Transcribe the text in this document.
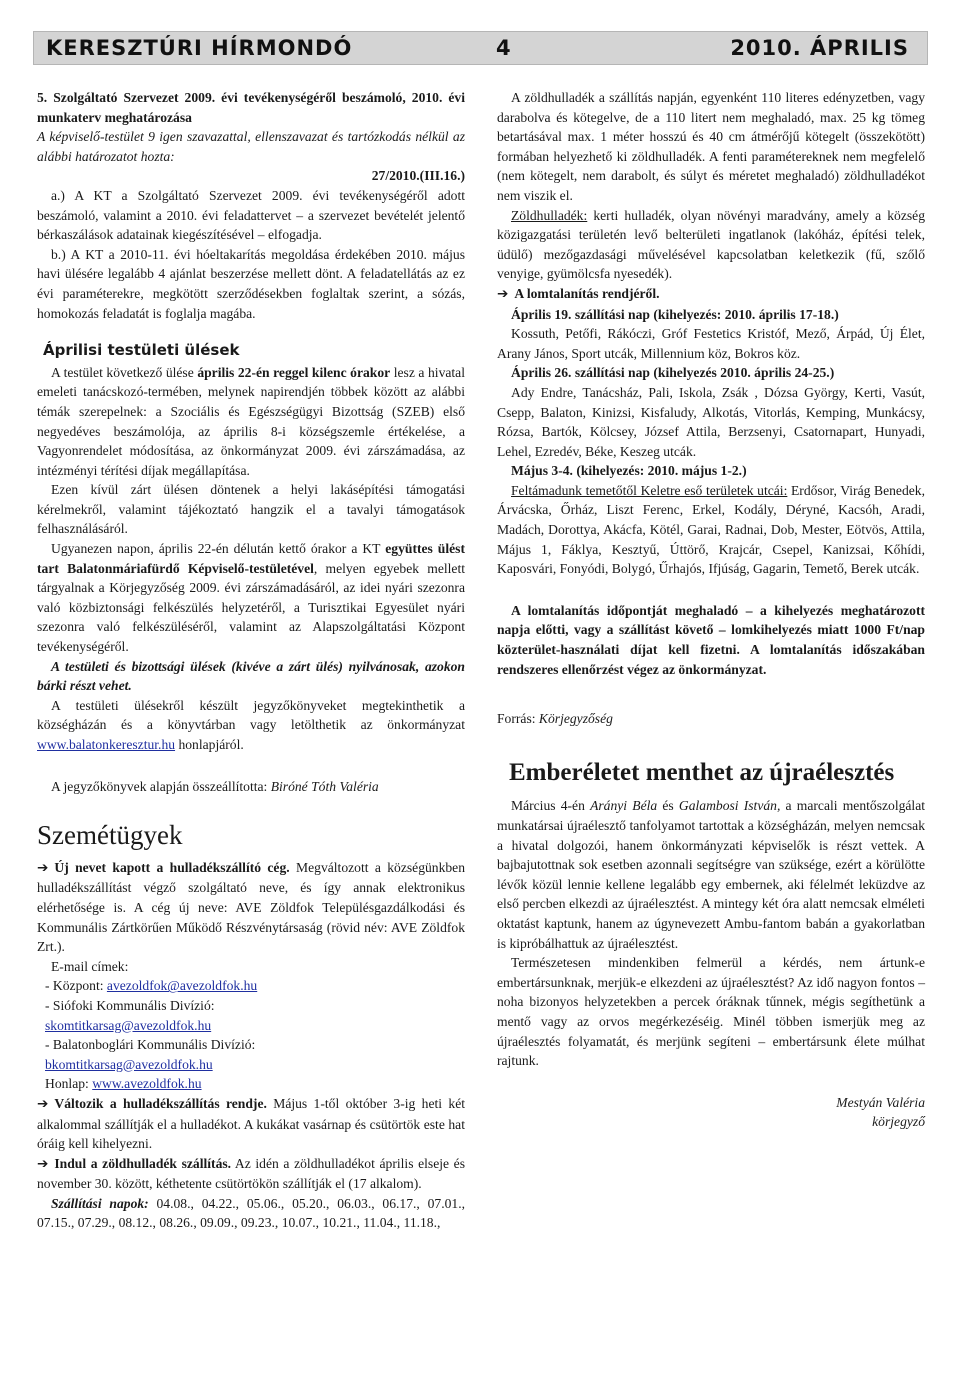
KERESZTÚRI HÍRMONDÓ	4	2010. ÁPRILIS

5. Szolgáltató Szervezet 2009. évi tevékenységéről beszámoló, 2010. évi munkaterv meghatározása

A képviselő-testület 9 igen szavazattal, ellenszavazat és tartózkodás nélkül az alábbi határozatot hozta:

27/2010.(III.16.)

a.) A KT a Szolgáltató Szervezet 2009. évi tevékenységéről adott beszámoló, valamint a 2010. évi feladattervet – a szervezet bevételét jelentő bérkaszálások adatainak kiegészítésével – elfogadja.

b.) A KT a 2010-11. évi hóeltakarítás megoldása érdekében 2010. május havi ülésére legalább 4 ajánlat beszerzése mellett dönt. A feladatellátás az ez évi paraméterekre, megkötött szerződésekben foglaltak szerint, a sózás, homokozás feladatát is foglalja magába.

Áprilisi testületi ülések

A testület következő ülése április 22-én reggel kilenc órakor lesz a hivatal emeleti tanácskozó-termében, melynek napirendjén többek között az alábbi témák szerepelnek: a Szociális és Egészségügyi Bizottság (SZEB) első negyedéves beszámolója, az április 8-i községszemle értékelése, a Vagyonrendelet módosítása, az önkormányzat 2009. évi zárszámadása, az intézményi térítési díjak megállapítása.

Ezen kívül zárt ülésen döntenek a helyi lakásépítési támogatási kérelmekről, valamint tájékoztató hangzik el a tavalyi támogatások felhasználásáról.

Ugyanezen napon, április 22-én délután kettő órakor a KT együttes ülést tart Balatonmáriafürdő Képviselő-testületével, melyen egyebek mellett tárgyalnak a Körjegyzőség 2009. évi zárszámadásáról, az idei nyári szezonra való közbiztonsági felkészülés helyzetéről, a Turisztikai Egyesület nyári szezonra való felkészüléséről, valamint az Alapszolgáltatási Központ tevékenységéről.

A testületi és bizottsági ülések (kivéve a zárt ülés) nyilvánosak, azokon bárki részt vehet.

A testületi ülésekről készült jegyzőkönyveket megtekinthetik a községházán és a könyvtárban vagy letölthetik az önkormányzat www.balatonkeresztur.hu honlapjáról.

A jegyzőkönyvek alapján összeállította: Biróné Tóth Valéria

Szemétügyek

➔ Új nevet kapott a hulladékszállító cég. Megváltozott a községünkben hulladékszállítást végző szolgáltató neve, és így annak elektronikus elérhetősége is. A cég új neve: AVE Zöldfok Településgazdálkodási és Kommunális Zártkörűen Működő Részvénytársaság (rövid név: AVE Zöldfok Zrt.).

E-mail címek:

- Központ: avezoldfok@avezoldfok.hu

- Siófoki Kommunális Divízió:

skomtitkarsag@avezoldfok.hu

- Balatonboglári Kommunális Divízió:

bkomtitkarsag@avezoldfok.hu

Honlap: www.avezoldfok.hu

➔ Változik a hulladékszállítás rendje. Május 1-től október 3-ig heti két alkalommal szállítják el a hulladékot. A kukákat vasárnap és csütörtök este hat óráig kell kihelyezni.

➔ Indul a zöldhulladék szállítás. Az idén a zöldhulladékot április elseje és november 30. között, kéthetente csütörtökön szállítják el (17 alkalom).

Szállítási napok: 04.08., 04.22., 05.06., 05.20., 06.03., 06.17., 07.01., 07.15., 07.29., 08.12., 08.26., 09.09., 09.23., 10.07., 10.21., 11.04., 11.18.,

A zöldhulladék a szállítás napján, egyenként 110 literes edényzetben, vagy darabolva és kötegelve, de a 110 litert nem meghaladó, max. 25 kg tömeg betartásával max. 1 méter hosszú és 40 cm átmérőjű kötegelt (összekötött) formában helyezhető ki zöldhulladék. A fenti paramétereknek nem megfelelő (nem kötegelt, nem darabolt, és súlyt és méretet meghaladó) zöldhulladékot nem viszik el.

Zöldhulladék: kerti hulladék, olyan növényi maradvány, amely a község közigazgatási területén levő belterületi ingatlanok (lakóház, építési telek, üdülő) mezőgazdasági művelésével kapcsolatban keletkezik (fű, szőlő venyige, gyümölcsfa nyesedék).

➔ A lomtalanítás rendjéről.

Április 19. szállítási nap (kihelyezés: 2010. április 17-18.)

Kossuth, Petőfi, Rákóczi, Gróf Festetics Kristóf, Mező, Árpád, Új Élet, Arany János, Sport utcák, Millennium köz, Bokros köz.

Április 26. szállítási nap (kihelyezés 2010. április 24-25.)

Ady Endre, Tanácsház, Pali, Iskola, Zsák , Dózsa György, Kerti, Vasút, Csepp, Balaton, Kinizsi, Kisfaludy, Alkotás, Vitorlás, Kemping, Munkácsy, Rózsa, Bartók, Kölcsey, József Attila, Berzsenyi, Csatornapart, Hunyadi, Lehel, Ezredév, Béke, Keszeg utcák.

Május 3-4. (kihelyezés: 2010. május 1-2.)

Feltámadunk temetőtől Keletre eső területek utcái: Erdősor, Virág Benedek, Árvácska, Őrház, Liszt Ferenc, Erkel, Kodály, Déryné, Kacsóh, Aradi, Madách, Dorottya, Akácfa, Kötél, Garai, Radnai, Dob, Mester, Eötvös, Attila, Május 1, Fáklya, Kesztyű, Úttörő, Krajcár, Csepel, Kanizsai, Kőhídi, Kaposvári, Fonyódi, Bolygó, Űrhajós, Ifjúság, Gagarin, Temető, Berek utcák.

A lomtalanítás időpontját meghaladó – a kihelyezés meghatározott napja előtti, vagy a szállítást követő – lomkihelyezés miatt 1000 Ft/nap közterület-használati díjat kell fizetni. A lomtalanítás időszakában rendszeres ellenőrzést végez az önkormányzat.

Forrás: Körjegyzőség

Emberéletet menthet az újraélesztés

Március 4-én Arányi Béla és Galambosi István, a marcali mentőszolgálat munkatársai újraélesztő tanfolyamot tartottak a községházán, melyen nemcsak a hivatal dolgozói, hanem önkormányzati képviselők is részt vettek. A bajbajutottnak sok esetben azonnali segítségre van szüksége, ezért a körülötte lévők közül lennie kellene legalább egy embernek, aki félelmét leküzdve az első percben elkezdi az újraélesztést. A mintegy két óra alatt nemcsak elméleti oktatást kaptunk, hanem az úgynevezett Ambu-fantom babán a gyakorlatban is kipróbálhattuk az újraélesztést.

Természetesen mindenkiben felmerül a kérdés, nem ártunk-e embertársunknak, merjük-e elkezdeni az újraélesztést? Az idő nagyon fontos – noha bizonyos helyzetekben a percek óráknak tűnnek, mégis segíthetünk a mentő vagy az orvos megérkezéséig. Minél többen ismerjük meg az újraélesztés folyamatát, és merjünk segíteni – embertársunk élete múlhat rajtunk.

Mestyán Valéria

körjegyző
